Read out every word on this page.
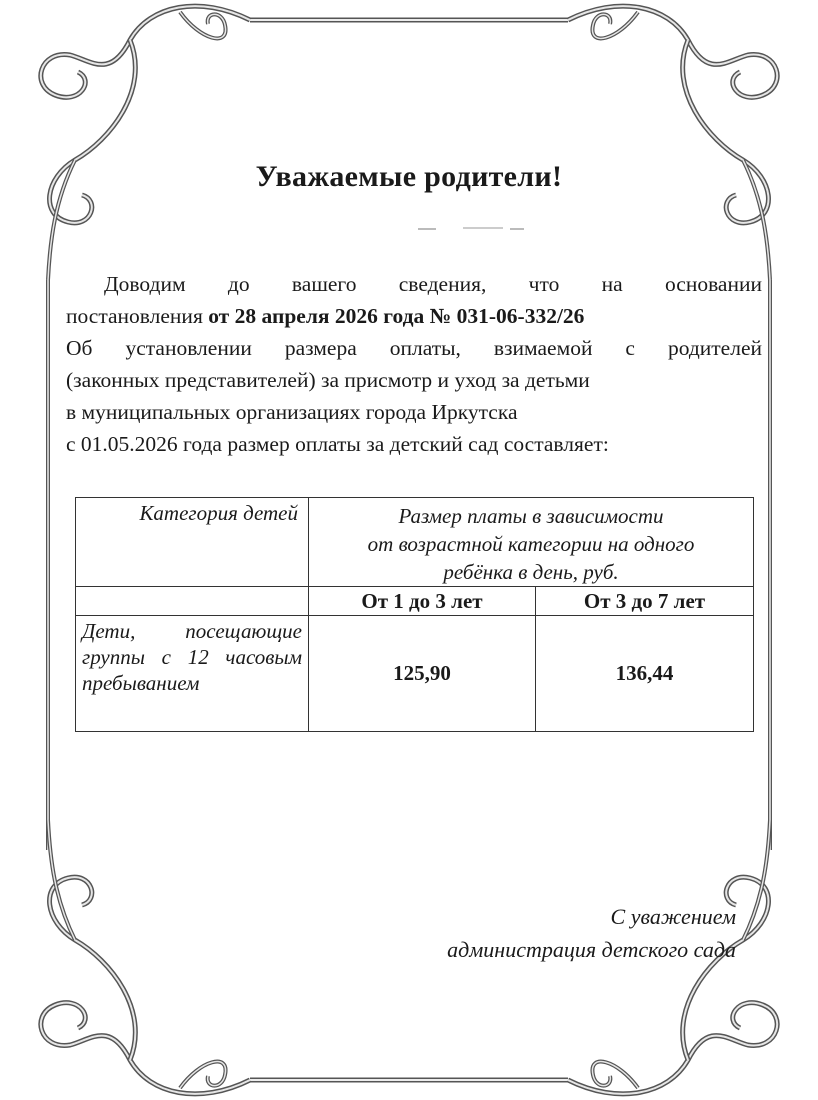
Уважаемые родители!
Доводим до вашего сведения, что на основании
постановления от 28 апреля 2026 года № 031-06-332/26
Об установлении размера оплаты, взимаемой с родителей
(законных представителей) за присмотр и уход за детьми
в муниципальных организациях города Иркутска
с 01.05.2026 года размер оплаты за детский сад составляет:
Категория детей	Размер платы в зависимости
от возрастной категории на одного
ребёнка в день, руб.	

	От 1 до 3 лет	От 3 до 7 лет
Дети, посещающие группы с 12 часовым пребыванием	125,90	136,44
С уважением
администрация детского сада
